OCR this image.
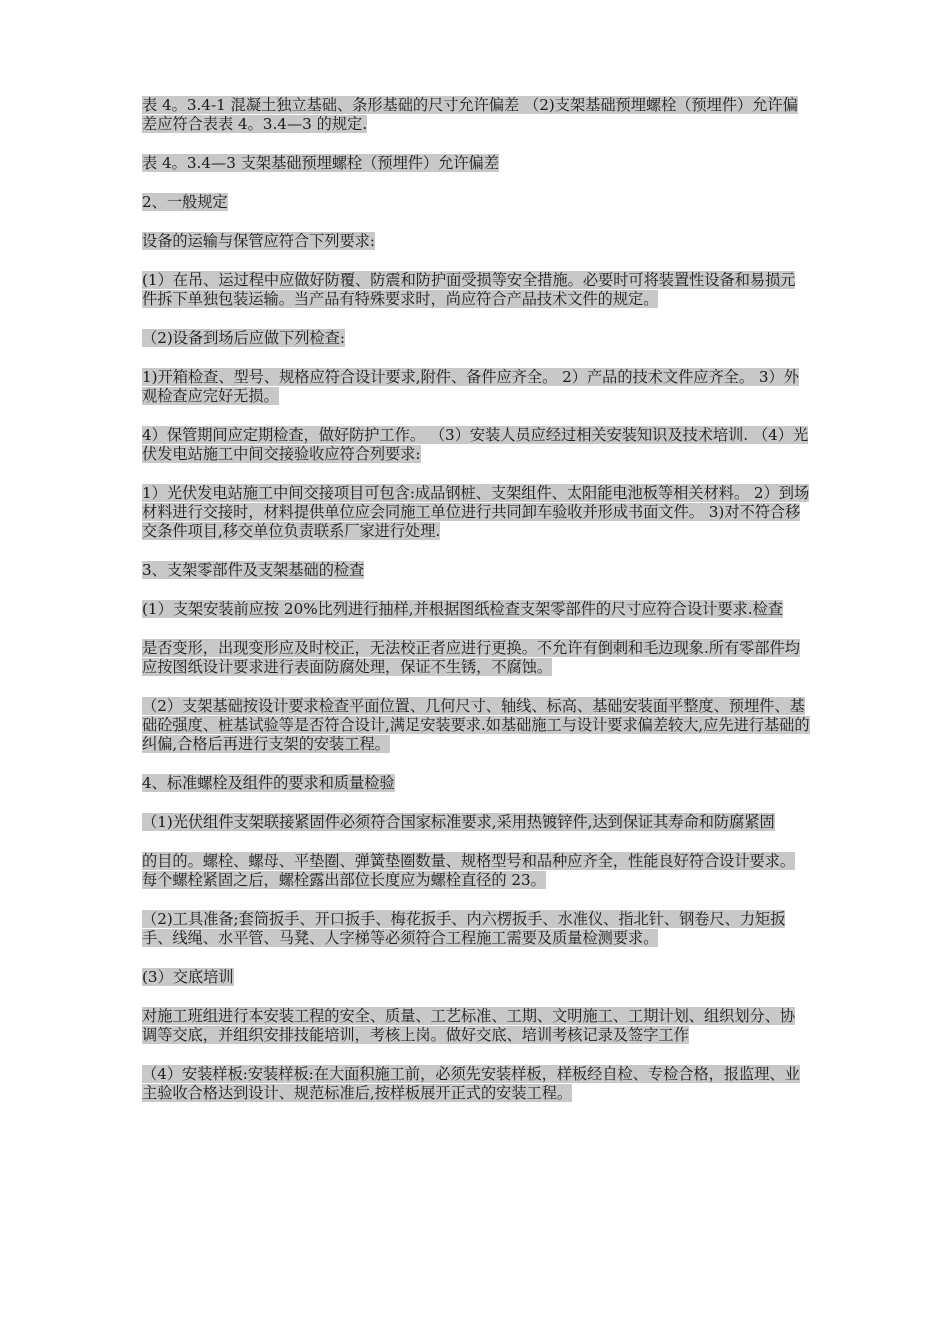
表 4。3.4-1 混凝土独立基础、条形基础的尺寸允许偏差 （2)支架基础预埋螺栓（预埋件）允许偏差应符合表表 4。3.4—3 的规定.

表 4。3.4—3 支架基础预埋螺栓（预埋件）允许偏差

2、一般规定

设备的运输与保管应符合下列要求:

(1）在吊、运过程中应做好防覆、防震和防护面受损等安全措施。必要时可将装置性设备和易损元件拆下单独包装运输。当产品有特殊要求时，尚应符合产品技术文件的规定。

（2)设备到场后应做下列检查:

1)开箱检查、型号、规格应符合设计要求,附件、备件应齐全。 2）产品的技术文件应齐全。 3）外观检查应完好无损。

4）保管期间应定期检查，做好防护工作。 （3）安装人员应经过相关安装知识及技术培训. （4）光伏发电站施工中间交接验收应符合列要求:

1）光伏发电站施工中间交接项目可包含:成品钢桩、支架组件、太阳能电池板等相关材料。 2）到场材料进行交接时，材料提供单位应会同施工单位进行共同卸车验收并形成书面文件。 3)对不符合移交条件项目,移交单位负责联系厂家进行处理.

3、支架零部件及支架基础的检查

(1）支架安装前应按 20%比列进行抽样,并根据图纸检查支架零部件的尺寸应符合设计要求.检查

是否变形，出现变形应及时校正，无法校正者应进行更换。不允许有倒刺和毛边现象.所有零部件均应按图纸设计要求进行表面防腐处理，保证不生锈，不腐蚀。

（2）支架基础按设计要求检查平面位置、几何尺寸、轴线、标高、基础安装面平整度、预埋件、基础砼强度、桩基试验等是否符合设计,满足安装要求.如基础施工与设计要求偏差较大,应先进行基础的纠偏,合格后再进行支架的安装工程。

4、标准螺栓及组件的要求和质量检验

（1)光伏组件支架联接紧固件必须符合国家标准要求,采用热镀锌件,达到保证其寿命和防腐紧固

的目的。螺栓、螺母、平垫圈、弹簧垫圈数量、规格型号和品种应齐全，性能良好符合设计要求。每个螺栓紧固之后，螺栓露出部位长度应为螺栓直径的 23。

（2)工具准备;套筒扳手、开口扳手、梅花扳手、内六楞扳手、水准仪、指北针、钢卷尺、力矩扳手、线绳、水平管、马凳、人字梯等必须符合工程施工需要及质量检测要求。

(3）交底培训

对施工班组进行本安装工程的安全、质量、工艺标准、工期、文明施工、工期计划、组织划分、协调等交底，并组织安排技能培训，考核上岗。做好交底、培训考核记录及签字工作

（4）安装样板:安装样板:在大面积施工前，必须先安装样板，样板经自检、专检合格，报监理、业主验收合格达到设计、规范标准后,按样板展开正式的安装工程。
